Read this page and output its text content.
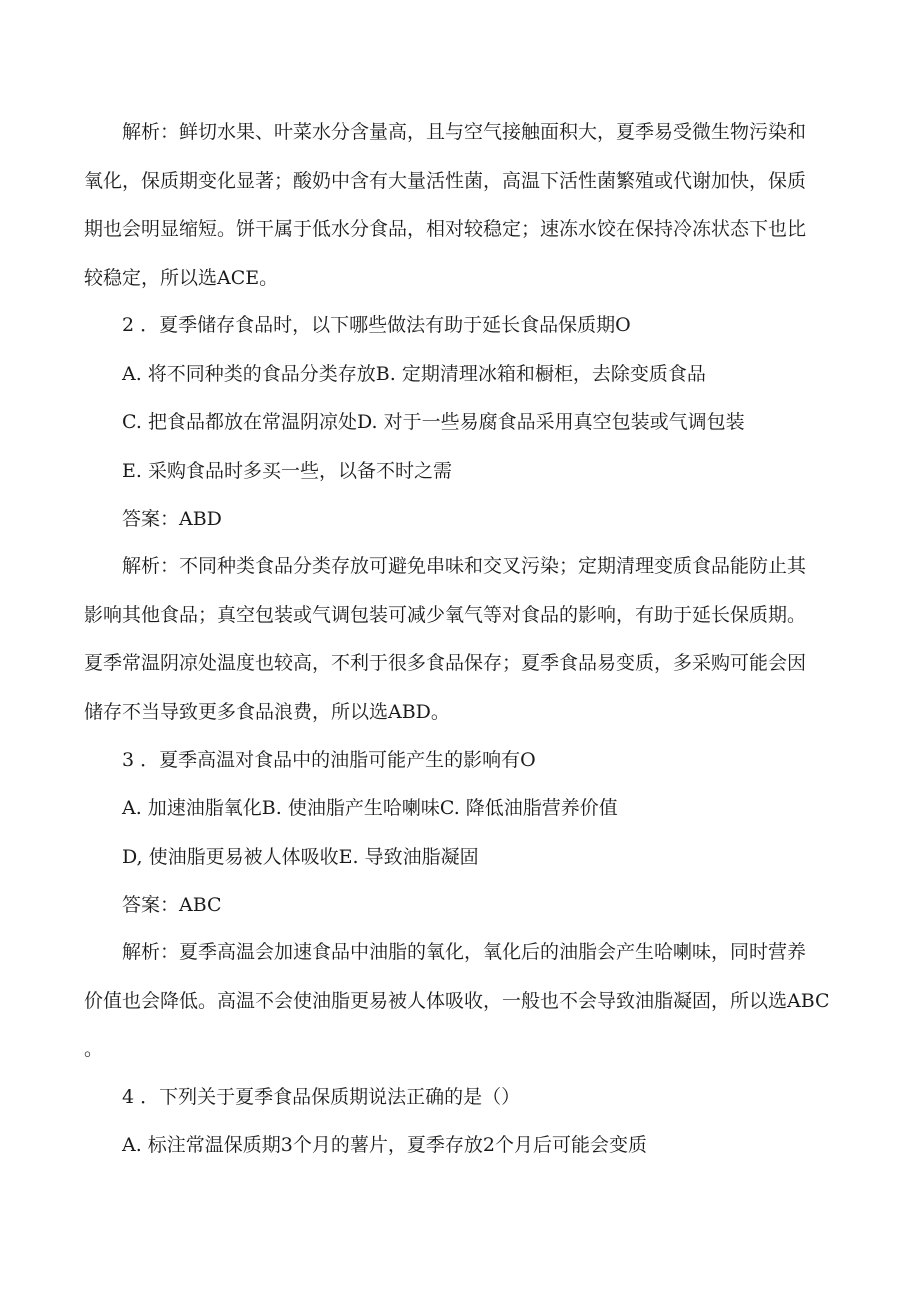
解析：鲜切水果、叶菜水分含量高，且与空气接触面积大，夏季易受微生物污染和
氧化，保质期变化显著；酸奶中含有大量活性菌，高温下活性菌繁殖或代谢加快，保质
期也会明显缩短。饼干属于低水分食品，相对较稳定；速冻水饺在保持冷冻状态下也比
较稳定，所以选ACE。

2 ．夏季储存食品时，以下哪些做法有助于延长食品保质期O

A. 将不同种类的食品分类存放B. 定期清理冰箱和橱柜，去除变质食品

C. 把食品都放在常温阴凉处D. 对于一些易腐食品采用真空包装或气调包装

E. 采购食品时多买一些，以备不时之需

答案：ABD

解析：不同种类食品分类存放可避免串味和交叉污染；定期清理变质食品能防止其
影响其他食品；真空包装或气调包装可减少氧气等对食品的影响，有助于延长保质期。
夏季常温阴凉处温度也较高，不利于很多食品保存；夏季食品易变质，多采购可能会因
储存不当导致更多食品浪费，所以选ABD。

3 ．夏季高温对食品中的油脂可能产生的影响有O

A. 加速油脂氧化B. 使油脂产生哈喇味C. 降低油脂营养价值

D, 使油脂更易被人体吸收E. 导致油脂凝固

答案：ABC

解析：夏季高温会加速食品中油脂的氧化，氧化后的油脂会产生哈喇味，同时营养
价值也会降低。高温不会使油脂更易被人体吸收，一般也不会导致油脂凝固，所以选ABC
。

4 ．下列关于夏季食品保质期说法正确的是（）

A. 标注常温保质期3个月的薯片，夏季存放2个月后可能会变质
